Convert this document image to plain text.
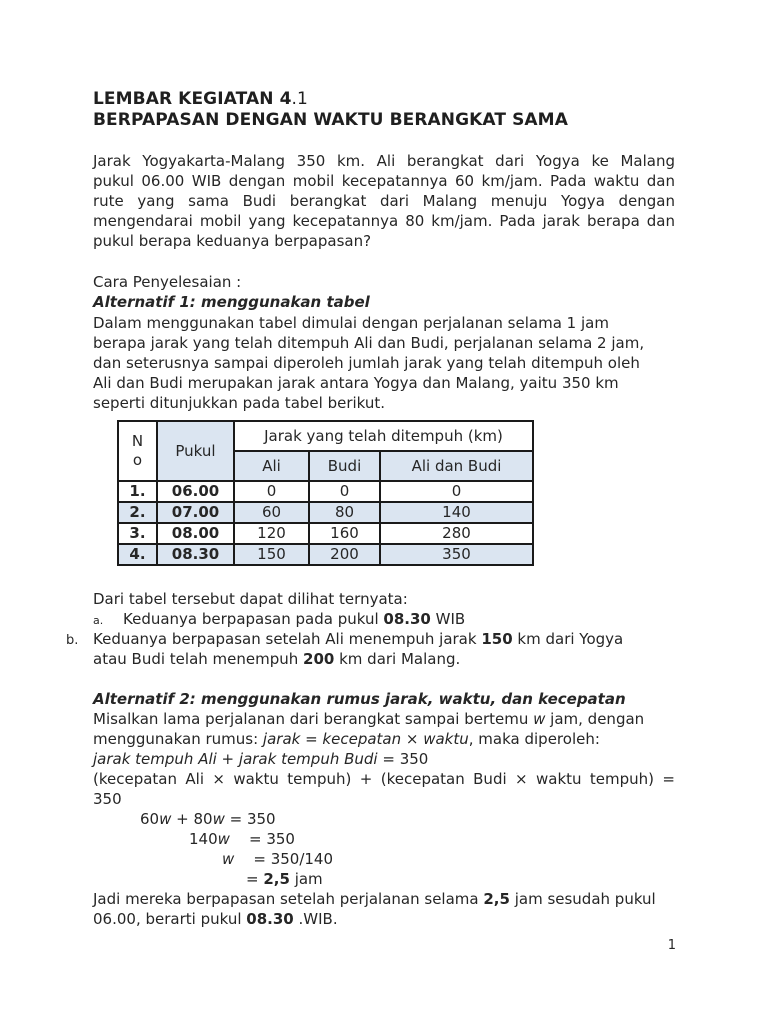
LEMBAR KEGIATAN 4.1
BERPAPASAN DENGAN WAKTU BERANGKAT SAMA
Jarak Yogyakarta-Malang 350 km. Ali berangkat dari Yogya ke Malang
pukul 06.00 WIB dengan mobil kecepatannya 60 km/jam. Pada waktu dan
rute yang sama Budi berangkat dari Malang menuju Yogya dengan
mengendarai mobil yang kecepatannya 80 km/jam. Pada jarak berapa dan
pukul berapa keduanya berpapasan?
Cara Penyelesaian :
Alternatif 1: menggunakan tabel
Dalam menggunakan tabel dimulai dengan perjalanan selama 1 jam
berapa jarak yang telah ditempuh Ali dan Budi, perjalanan selama 2 jam,
dan seterusnya sampai diperoleh jumlah jarak yang telah ditempuh oleh
Ali dan Budi merupakan jarak antara Yogya dan Malang, yaitu 350 km
seperti ditunjukkan pada tabel berikut.
N
o	Pukul	Jarak yang telah ditempuh (km)		
		Ali	Budi	Ali dan Budi
1.	06.00	0	0	0
2.	07.00	60	80	140
3.	08.00	120	160	280
4.	08.30	150	200	350
Dari tabel tersebut dapat dilihat ternyata:
a. Keduanya berpapasan pada pukul 08.30 WIB
b. Keduanya berpapasan setelah Ali menempuh jarak 150 km dari Yogya
atau Budi telah menempuh 200 km dari Malang.
Alternatif 2: menggunakan rumus jarak, waktu, dan kecepatan
Misalkan lama perjalanan dari berangkat sampai bertemu w jam, dengan
menggunakan rumus: jarak = kecepatan × waktu, maka diperoleh:
jarak tempuh Ali + jarak tempuh Budi = 350
(kecepatan Ali × waktu tempuh) + (kecepatan Budi × waktu tempuh) =
350
60w + 80w = 350
140w    = 350
w    = 350/140
= 2,5 jam
Jadi mereka berpapasan setelah perjalanan selama 2,5 jam sesudah pukul
06.00, berarti pukul 08.30 .WIB.
1
